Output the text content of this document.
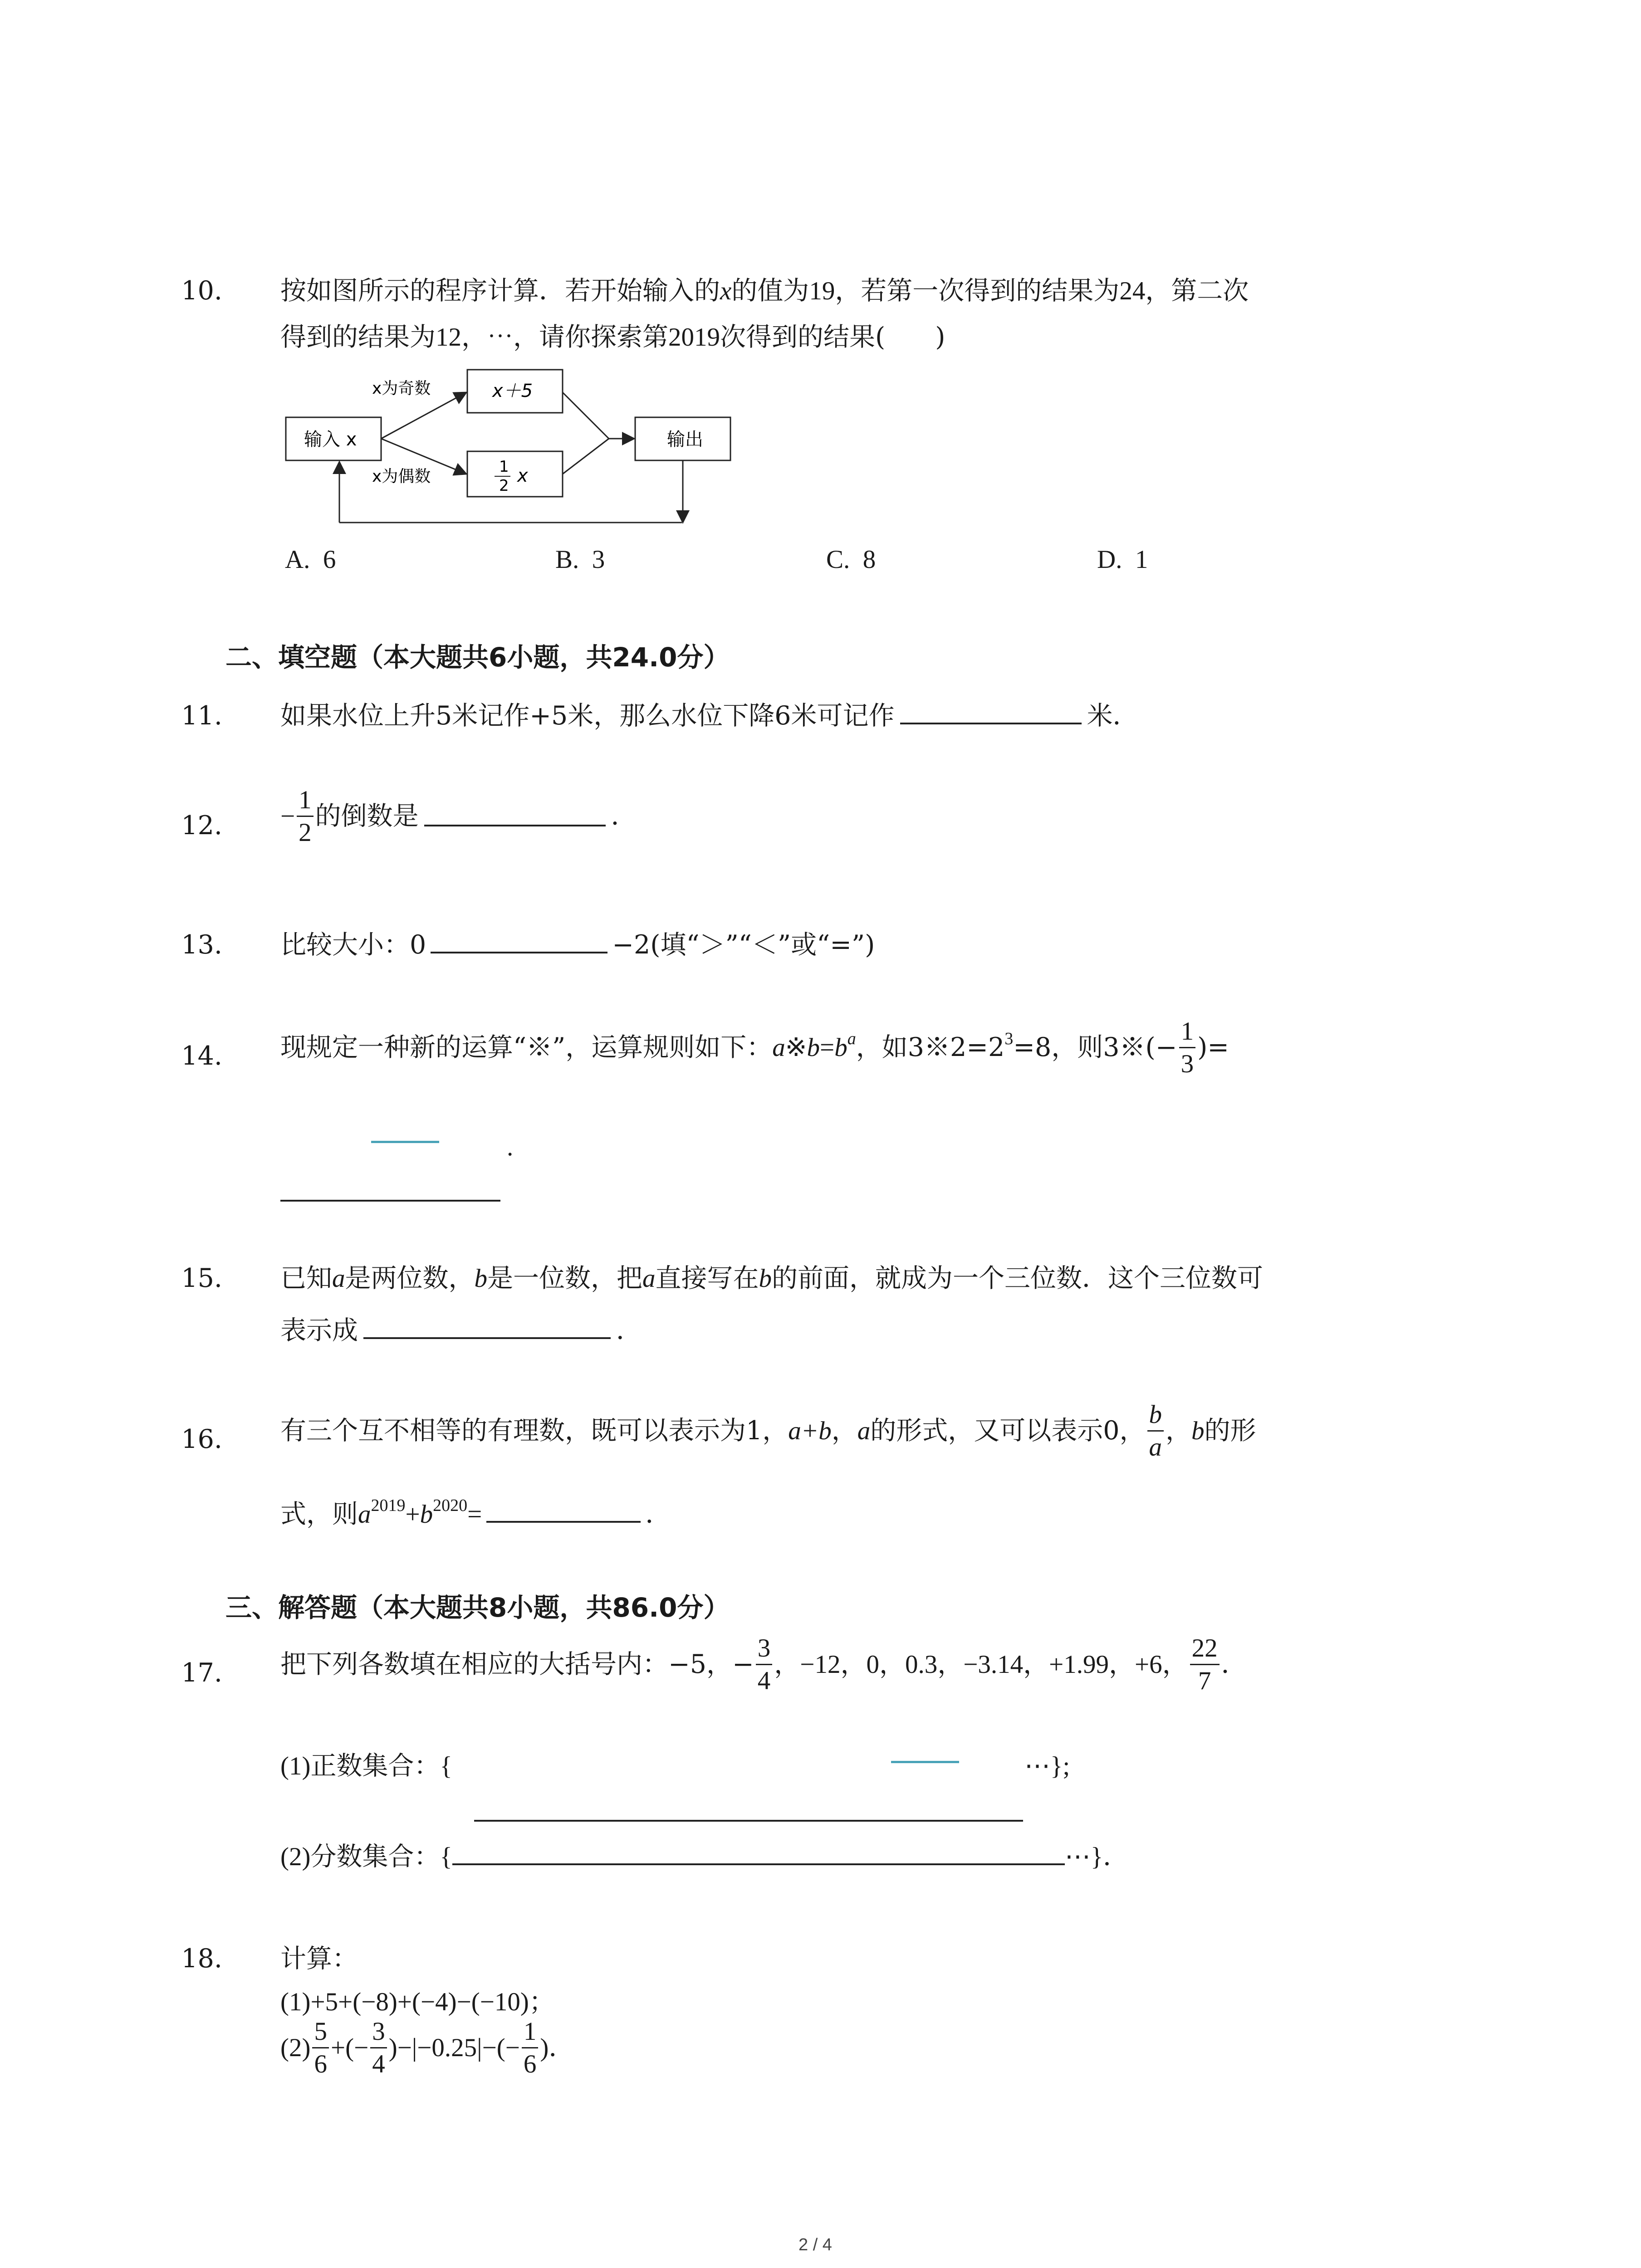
10. 按如图所示的程序计算．若开始输入的x的值为19，若第一次得到的结果为24，第二次
得到的结果为12，⋯，请你探索第2019次得到的结果( )
输入 x
x＋5
1
2 x
输出
x为奇数
x为偶数
A. 6	B. 3	C. 8	D. 1
二、填空题（本大题共6小题，共24.0分）
11. 如果水位上升5米记作+5米，那么水位下降6米可记作	米．
12. − $\frac{1}{2}$ 的倒数是	．
13. 比较大小：0	−2(填“＞”“＜”或“=”)
14. 现规定一种新的运算“※”，运算规则如下：$a※b=b^a$，如$3※2=2^3=8$，则3※(− $\frac{1}{3}$ )=
.
15. 已知a是两位数，b是一位数，把a直接写在b的前面，就成为一个三位数．这个三位数可
表示成	．
16. 有三个互不相等的有理数，既可以表示为1，a+b，a的形式，又可以表示0， $\frac{b}{a}$ ，b的形
式，则$a^{2019}+b^{2020}=$	．
三、解答题（本大题共8小题，共86.0分）
17. 把下列各数填在相应的大括号内：−5，− $\frac{3}{4}$ ，−12，0，0.3，−3.14，+1.99，+6， $\frac{22}{7}$ ．
(1)正数集合：{	⋯};
(2)分数集合：{	⋯}．
18. 计算：
(1)+5+(−8)+(−4)−(−10)；
$(2) \frac{5}{6}$ +(− $\frac{3}{4} )-|-0.25|-(- \frac{1}{6}$ )．
2 / 4
